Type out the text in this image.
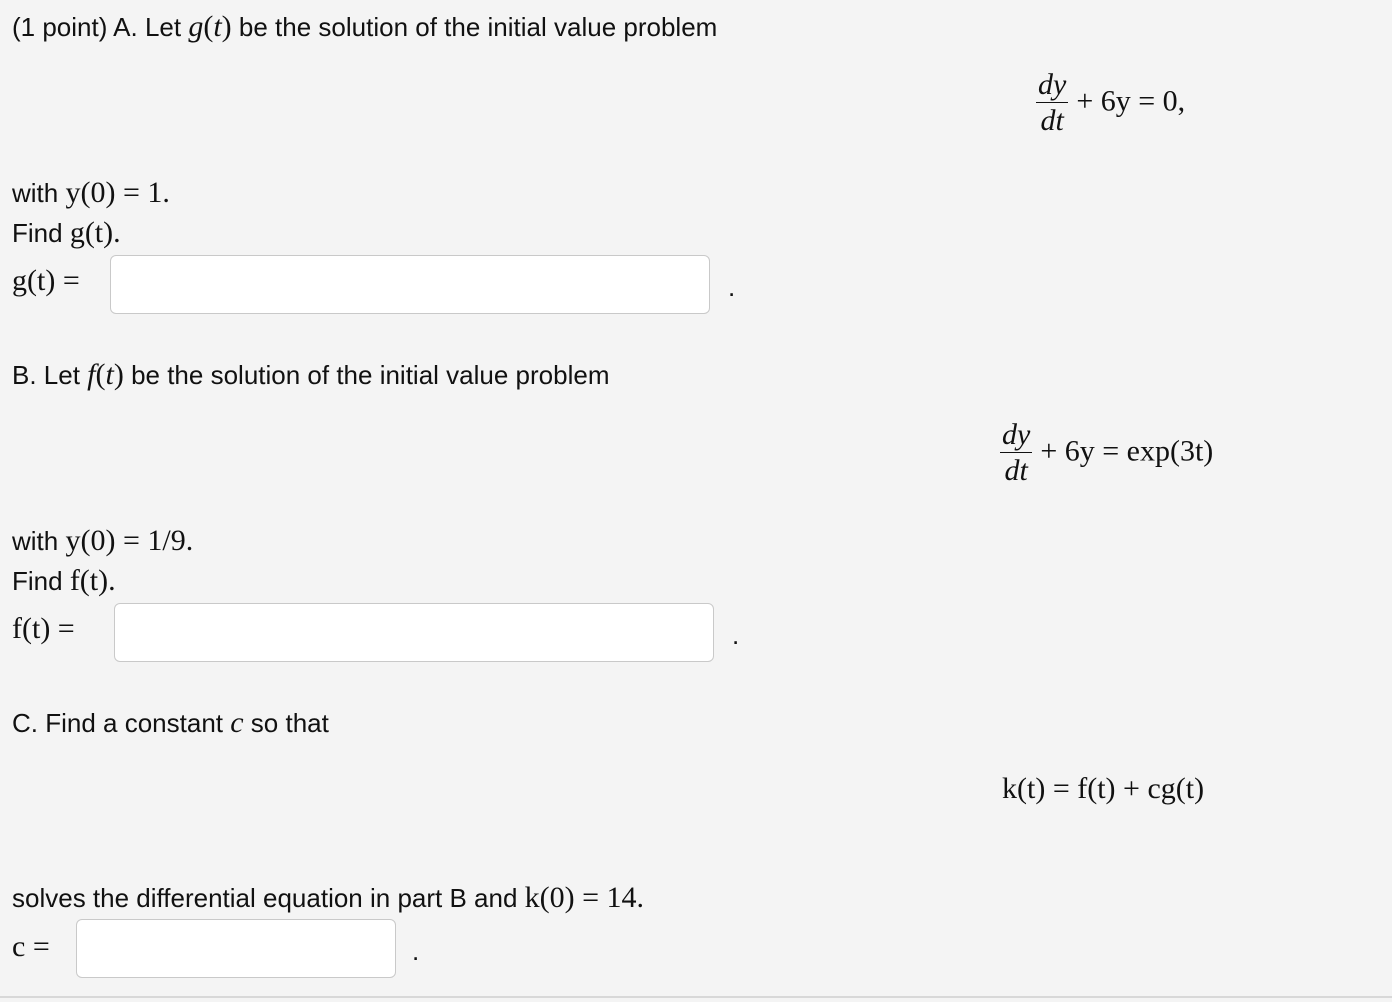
(1 point) A. Let g(t) be the solution of the initial value problem
$\frac{dy}{dt} + 6y = 0$,
with y(0) = 1.
Find g(t).
g(t) =	.
B. Let f(t) be the solution of the initial value problem
$\frac{dy}{dt} + 6y = \exp(3t)$
with y(0) = 1/9.
Find f(t).
f(t) =	.
C. Find a constant c so that
k(t) = f(t) + cg(t)
solves the differential equation in part B and k(0) = 14.
c =	.
